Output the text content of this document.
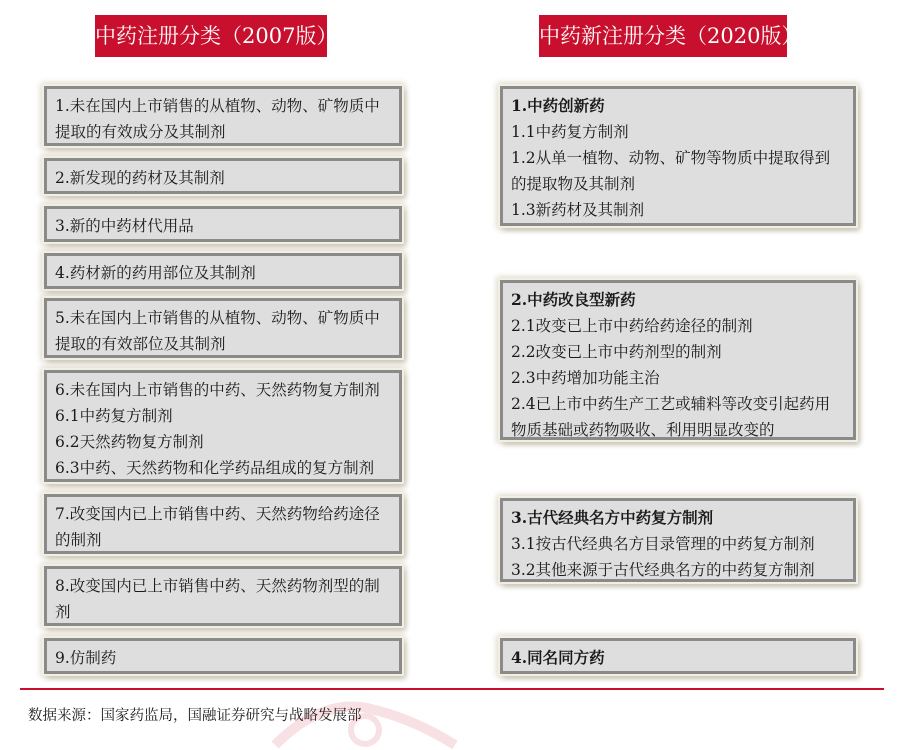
中药注册分类（2007版）	中药新注册分类（2020版）
1.未在国内上市销售的从植物、动物、矿物质中提取的有效成分及其制剂
2.新发现的药材及其制剂
3.新的中药材代用品
4.药材新的药用部位及其制剂
5.未在国内上市销售的从植物、动物、矿物质中提取的有效部位及其制剂
6.未在国内上市销售的中药、天然药物复方制剂
6.1中药复方制剂
6.2天然药物复方制剂
6.3中药、天然药物和化学药品组成的复方制剂
7.改变国内已上市销售中药、天然药物给药途径的制剂
8.改变国内已上市销售中药、天然药物剂型的制剂
9.仿制药
1.中药创新药
1.1中药复方制剂
1.2从单一植物、动物、矿物等物质中提取得到的提取物及其制剂
1.3新药材及其制剂
2.中药改良型新药
2.1改变已上市中药给药途径的制剂
2.2改变已上市中药剂型的制剂
2.3中药增加功能主治
2.4已上市中药生产工艺或辅料等改变引起药用物质基础或药物吸收、利用明显改变的
3.古代经典名方中药复方制剂
3.1按古代经典名方目录管理的中药复方制剂
3.2其他来源于古代经典名方的中药复方制剂
4.同名同方药
数据来源：国家药监局，国融证券研究与战略发展部
